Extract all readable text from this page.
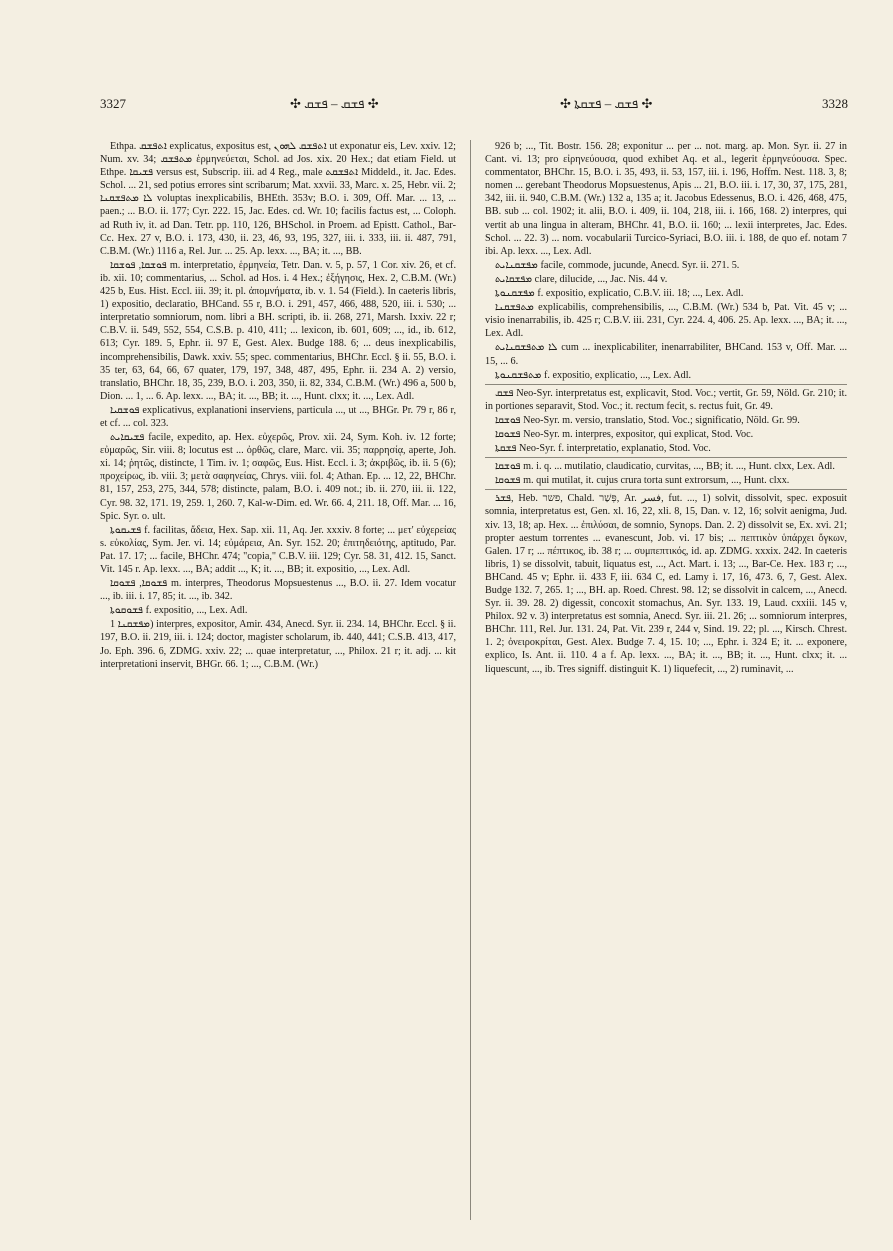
3327	✣ ܦܫܩ – ܦܫܩ ✣	✣ ܦܫܩ – ܦܫܩܬܐ ✣	3328

Ethpa. ܐܬܦܫܩ explicatus, expositus est, ܐܬܦܫܩ ܠܗܘܢ ut exponatur eis, Lev. xxiv. 12; Num. xv. 34; ܡܬܦܫܩ ἑρμηνεύεται, Schol. ad Jos. xix. 20 Hex.; dat etiam Field. ut Ethpe. ܦܫܝܩܐ versus est, Subscrip. iii. ad 4 Reg., male ܐܬܦܫܩܬ Middeld., it. Jac. Edes. Schol. ... 21, sed potius errores sint scribarum; Mat. xxvii. 33, Marc. x. 25, Hebr. vii. 2; ܠܐ ܡܬܦܫܩܢܐ voluptas inexplicabilis, BHEth. 353v; B.O. i. 309, Off. Mar. ... 13, ... paen.; ... B.O. ii. 177; Cyr. 222. 15, Jac. Edes. cd. Wr. 10; facilis factus est, ... Coloph. ad Ruth iv, it. ad Dan. Tetr. pp. 110, 126, BHSchol. in Proem. ad Epistt. Cathol., Bar-Cc. Hex. 27 v, B.O. i. 173, 430, ii. 23, 46, 93, 195, 327, iii. i. 333, iii. ii. 487, 791, C.B.M. (Wr.) 1116 a, Rel. Jur. ... 25. Ap. lexx. ..., BA; it. ..., BB.

ܦܘܫܩܐ, ܦܘܫܩܐ m. interpretatio, ἑρμηνεία, Tetr. Dan. v. 5, p. 57, 1 Cor. xiv. 26, et cf. ib. xii. 10; commentarius, ... Schol. ad Hos. i. 4 Hex.; ἐξήγησις, Hex. 2, C.B.M. (Wr.) 425 b, Eus. Hist. Eccl. iii. 39; it. pl. ἀπομνήματα, ib. v. 1. 54 (Field.). In caeteris libris, 1) expositio, declaratio, BHCand. 55 r, B.O. i. 291, 457, 466, 488, 520, iii. i. 530; ... interpretatio somniorum, nom. libri a BH. scripti, ib. ii. 268, 271, Marsh. Ixxiv. 22 r; C.B.V. ii. 549, 552, 554, C.S.B. p. 410, 411; ... lexicon, ib. 601, 609; ..., id., ib. 612, 613; Cyr. 189. 5, Ephr. ii. 97 E, Gest. Alex. Budge 188. 6; ... deus inexplicabilis, incomprehensibilis, Dawk. xxiv. 55; spec. commentarius, BHChr. Eccl. § ii. 55, B.O. i. 35 ter, 63, 64, 66, 67 quater, 179, 197, 348, 487, 495, Ephr. ii. 234 A. 2) versio, translatio, BHChr. 18, 35, 239, B.O. i. 203, 350, ii. 82, 334, C.B.M. (Wr.) 496 a, 500 b, Dion. ... 1, ... 6. Ap. lexx. ..., BA; it. ..., BB; it. ..., Hunt. clxx; it. ..., Lex. Adl.

ܦܘܫܩܝܐ explicativus, explanationi inserviens, particula ..., ut ..., BHGr. Pr. 79 r, 86 r, et cf. ... col. 323.

ܦܫܝܩܐܝܬ facile, expedito, ap. Hex. εὐχερῶς, Prov. xii. 24, Sym. Koh. iv. 12 forte; εὐμαρῶς, Sir. viii. 8; locutus est ... ὀρθῶς, clare, Marc. vii. 35; παρρησίᾳ, aperte, Joh. xi. 14; ῥητῶς, distincte, 1 Tim. iv. 1; σαφῶς, Eus. Hist. Eccl. i. 3; ἀκριβῶς, ib. ii. 5 (6); προχείρως, ib. viii. 3; μετὰ σαφηνείας, Chrys. viii. fol. 4; Athan. Ep. ... 12, 22, BHChr. 81, 157, 253, 275, 344, 578; distincte, palam, B.O. i. 409 not.; ib. ii. 270, iii. ii. 122, Cyr. 98. 32, 171. 19, 259. 1, 260. 7, Kal-w-Dim. ed. Wr. 66. 4, 211. 18, Off. Mar. ... 16, Spic. Syr. o. ult.

ܦܫܝܩܘܬܐ f. facilitas, ἄδεια, Hex. Sap. xii. 11, Aq. Jer. xxxiv. 8 forte; ... μετ' εὐχερείας s. εὐκολίας, Sym. Jer. vi. 14; εὐμάρεια, An. Syr. 152. 20; ἐπιτηδειότης, aptitudo, Par. Pat. 17. 17; ... facile, BHChr. 474; "copia," C.B.V. iii. 129; Cyr. 58. 31, 412. 15, Sanct. Vit. 145 r. Ap. lexx. ..., BA; addit ..., K; it. ..., BB; it. expositio, ..., Lex. Adl.

ܦܫܘܩܐ, ܦܫܘܩܐ m. interpres, Theodorus Mopsuestenus ..., B.O. ii. 27. Idem vocatur ..., ib. iii. i. 17, 85; it. ..., ib. 342.

ܦܫܘܩܘܬܐ f. expositio, ..., Lex. Adl.

ܡܦܫܩܢܐ 1) interpres, expositor, Amir. 434, Anecd. Syr. ii. 234. 14, BHChr. Eccl. § ii. 197, B.O. ii. 219, iii. i. 124; doctor, magister scholarum, ib. 440, 441; C.S.B. 413, 417, Jo. Eph. 396. 6, ZDMG. xxiv. 22; ... quae interpretatur, ..., Philox. 21 r; it. adj. ... kit interpretationi inservit, BHGr. 66. 1; ..., C.B.M. (Wr.)

926 b; ..., Tit. Bostr. 156. 28; exponitur ... per ... not. marg. ap. Mon. Syr. ii. 27 in Cant. vi. 13; pro εἰρηνεύουσα, quod exhibet Aq. et al., legerit ἑρμηνεύουσα. Spec. commentator, BHChr. 15, B.O. i. 35, 493, ii. 53, 157, iii. i. 196, Hoffm. Nest. 118. 3, 8; nomen ... gerebant Theodorus Mopsuestenus, Apis ... 21, B.O. iii. i. 17, 30, 37, 175, 281, 342, iii. ii. 940, C.B.M. (Wr.) 132 a, 135 a; it. Jacobus Edessenus, B.O. i. 426, 468, 475, BB. sub ... col. 1902; it. alii, B.O. i. 409, ii. 104, 218, iii. i. 166, 168. 2) interpres, qui vertit ab una lingua in alteram, BHChr. 41, B.O. ii. 160; ... lexii interpretes, Jac. Edes. Schol. ... 22. 3) ... nom. vocabularii Turcico-Syriaci, B.O. iii. i. 188, de quo ef. notam 7 ibi. Ap. lexx. ..., Lex. Adl.

ܡܦܫܩܢܐܝܬ facile, commode, jucunde, Anecd. Syr. ii. 271. 5.

ܡܦܫܩܐܝܬ clare, dilucide, ..., Jac. Nis. 44 v.

ܡܦܫܩܢܘܬܐ f. expositio, explicatio, C.B.V. iii. 18; ..., Lex. Adl.

ܡܬܦܫܩܢܐ explicabilis, comprehensibilis, ..., C.B.M. (Wr.) 534 b, Pat. Vit. 45 v; ... visio inenarrabilis, ib. 425 r; C.B.V. iii. 231, Cyr. 224. 4, 406. 25. Ap. lexx. ..., BA; it. ..., Lex. Adl.

ܠܐ ܡܬܦܫܩܢܐܝܬ cum ... inexplicabiliter, inenarrabiliter, BHCand. 153 v, Off. Mar. ... 15, ... 6.

ܡܬܦܫܩܢܘܬܐ f. expositio, explicatio, ..., Lex. Adl.

ܦܫܩ Neo-Syr. interpretatus est, explicavit, Stod. Voc.; vertit, Gr. 59, Nöld. Gr. 210; it. in portiones separavit, Stod. Voc.; it. rectum fecit, s. rectus fuit, Gr. 49.

ܦܘܫܩܐ Neo-Syr. m. versio, translatio, Stod. Voc.; significatio, Nöld. Gr. 99.

ܦܫܘܩܐ Neo-Syr. m. interpres, expositor, qui explicat, Stod. Voc.

ܦܫܩܬܐ Neo-Syr. f. interpretatio, explanatio, Stod. Voc.

ܦܘܫܩܐ m. i. q. ... mutilatio, claudicatio, curvitas, ..., BB; it. ..., Hunt. clxx, Lex. Adl.

ܦܫܘܩܐ m. qui mutilat, it. cujus crura torta sunt extrorsum, ..., Hunt. clxx.

ܦܫܪ, Heb. פשר, Chald. פְּשַׁר, Ar. فسر, fut. ..., 1) solvit, dissolvit, spec. exposuit somnia, interpretatus est, Gen. xl. 16, 22, xli. 8, 15, Dan. v. 12, 16; solvit aenigma, Jud. xiv. 13, 18; ap. Hex. ... ἐπιλύσαι, de somnio, Synops. Dan. 2. 2) dissolvit se, Ex. xvi. 21; propter aestum torrentes ... evanescunt, Job. vi. 17 bis; ... πεπτικὸν ὑπάρχει ὄγκων, Galen. 17 r; ... πέπτικος, ib. 38 r; ... συμπεπτικός, id. ap. ZDMG. xxxix. 242. In caeteris libris, 1) se dissolvit, tabuit, liquatus est, ..., Act. Mart. i. 13; ..., Bar-Ce. Hex. 183 r; ..., BHCand. 45 v; Ephr. ii. 433 F, iii. 634 C, ed. Lamy i. 17, 16, 473. 6, 7, Gest. Alex. Budge 132. 7, 265. 1; ..., BH. ap. Roed. Chrest. 98. 12; se dissolvit in calcem, ..., Anecd. Syr. ii. 39. 28. 2) digessit, concoxit stomachus, An. Syr. 133. 19, Laud. cxxiii. 145 v, Philox. 92 v. 3) interpretatus est somnia, Anecd. Syr. iii. 21. 26; ... somniorum interpres, BHChr. 111, Rel. Jur. 131. 24, Pat. Vit. 239 r, 244 v, Sind. 19. 22; pl. ..., Kirsch. Chrest. 1. 2; ὀνειροκρίται, Gest. Alex. Budge 7. 4, 15. 10; ..., Ephr. i. 324 E; it. ... exponere, explico, Is. Ant. ii. 110. 4 a f. Ap. lexx. ..., BA; it. ..., BB; it. ..., Hunt. clxx; it. ... liquescunt, ..., ib. Tres signiff. distinguit K. 1) liquefecit, ..., 2) ruminavit, ...
